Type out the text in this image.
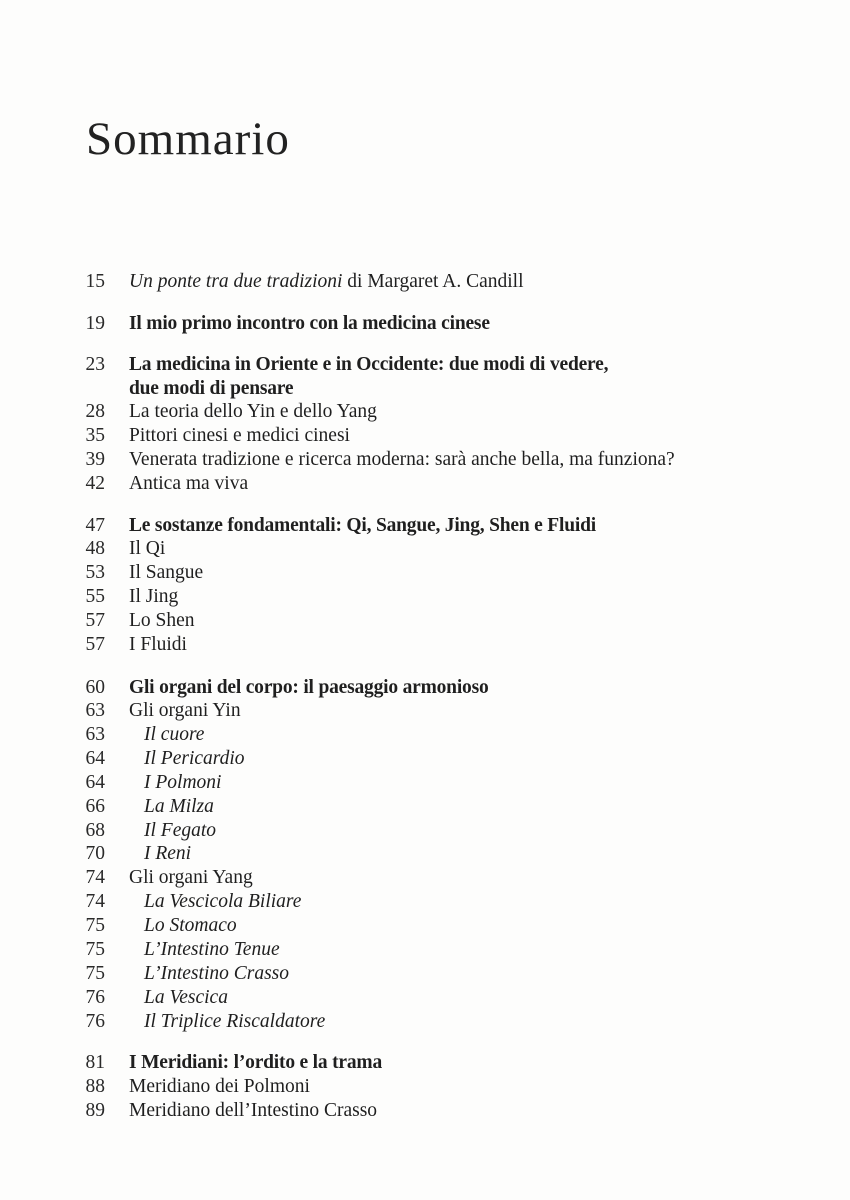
Sommario
15 Un ponte tra due tradizioni di Margaret A. Candill
19 Il mio primo incontro con la medicina cinese
23 La medicina in Oriente e in Occidente: due modi di vedere,
due modi di pensare
28 La teoria dello Yin e dello Yang
35 Pittori cinesi e medici cinesi
39 Venerata tradizione e ricerca moderna: sarà anche bella, ma funziona?
42 Antica ma viva
47 Le sostanze fondamentali: Qi, Sangue, Jing, Shen e Fluidi
48 Il Qi
53 Il Sangue
55 Il Jing
57 Lo Shen
57 I Fluidi
60 Gli organi del corpo: il paesaggio armonioso
63 Gli organi Yin
63 Il cuore
64 Il Pericardio
64 I Polmoni
66 La Milza
68 Il Fegato
70 I Reni
74 Gli organi Yang
74 La Vescicola Biliare
75 Lo Stomaco
75 L’Intestino Tenue
75 L’Intestino Crasso
76 La Vescica
76 Il Triplice Riscaldatore
81 I Meridiani: l’ordito e la trama
88 Meridiano dei Polmoni
89 Meridiano dell’Intestino Crasso
